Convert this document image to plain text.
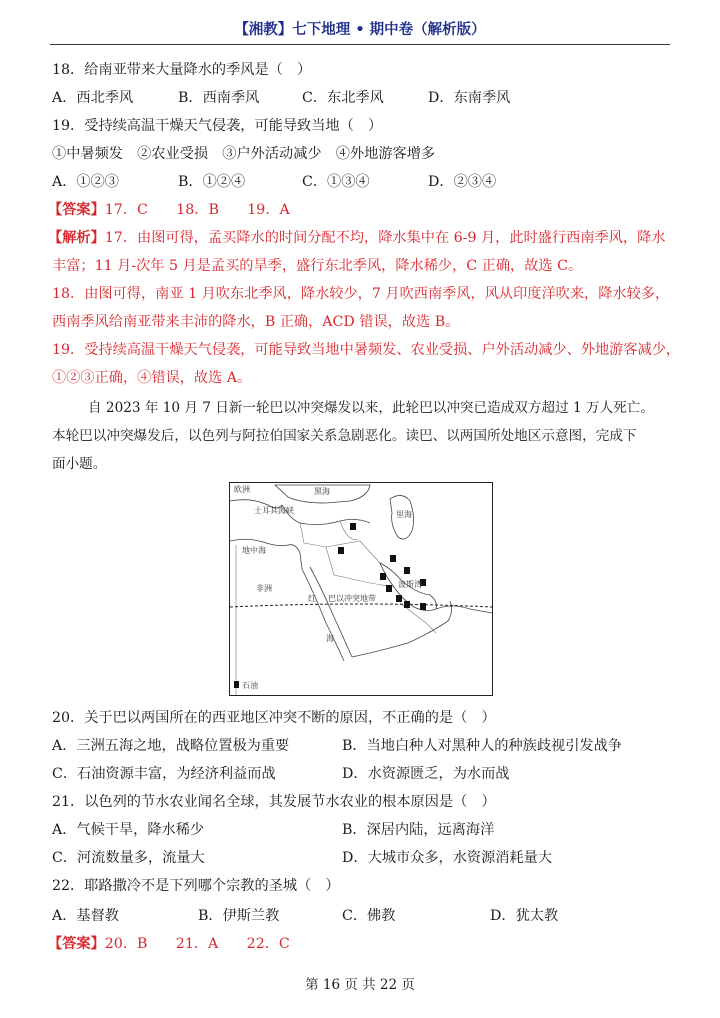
【湘教】七下地理 • 期中卷（解析版）
18．给南亚带来大量降水的季风是（　）
A．西北季风	B．西南季风	C．东北季风	D．东南季风
19．受持续高温干燥天气侵袭，可能导致当地（　）
①中暑频发　②农业受损　③户外活动减少　④外地游客增多
A．①②③	B．①②④	C．①③④	D．②③④
【答案】17．C　　18．B　　19．A
【解析】17．由图可得，孟买降水的时间分配不均，降水集中在 6-9 月，此时盛行西南季风，降水
丰富；11 月-次年 5 月是孟买的旱季，盛行东北季风，降水稀少，C 正确，故选 C。
18．由图可得，南亚 1 月吹东北季风，降水较少，7 月吹西南季风，风从印度洋吹来，降水较多，
西南季风给南亚带来丰沛的降水，B 正确，ACD 错误，故选 B。
19．受持续高温干燥天气侵袭，可能导致当地中暑频发、农业受损、户外活动减少、外地游客减少，
①②③正确，④错误，故选 A。
自 2023 年 10 月 7 日新一轮巴以冲突爆发以来，此轮巴以冲突已造成双方超过 1 万人死亡。
本轮巴以冲突爆发后，以色列与阿拉伯国家关系急剧恶化。读巴、以两国所处地区示意图，完成下
面小题。
欧洲	黑海
土耳其海峡	里海
地中海
非洲	波斯湾
巴以冲突地带
红
海
石油
20．关于巴以两国所在的西亚地区冲突不断的原因，不正确的是（　）
A．三洲五海之地，战略位置极为重要	B．当地白种人对黑种人的种族歧视引发战争
C．石油资源丰富，为经济利益而战	D．水资源匮乏，为水而战
21．以色列的节水农业闻名全球，其发展节水农业的根本原因是（　）
A．气候干旱，降水稀少	B．深居内陆，远离海洋
C．河流数量多，流量大	D．大城市众多，水资源消耗量大
22．耶路撒冷不是下列哪个宗教的圣城（　）
A．基督教	B．伊斯兰教	C．佛教	D．犹太教
【答案】20．B　　21．A　　22．C
第 16 页 共 22 页
